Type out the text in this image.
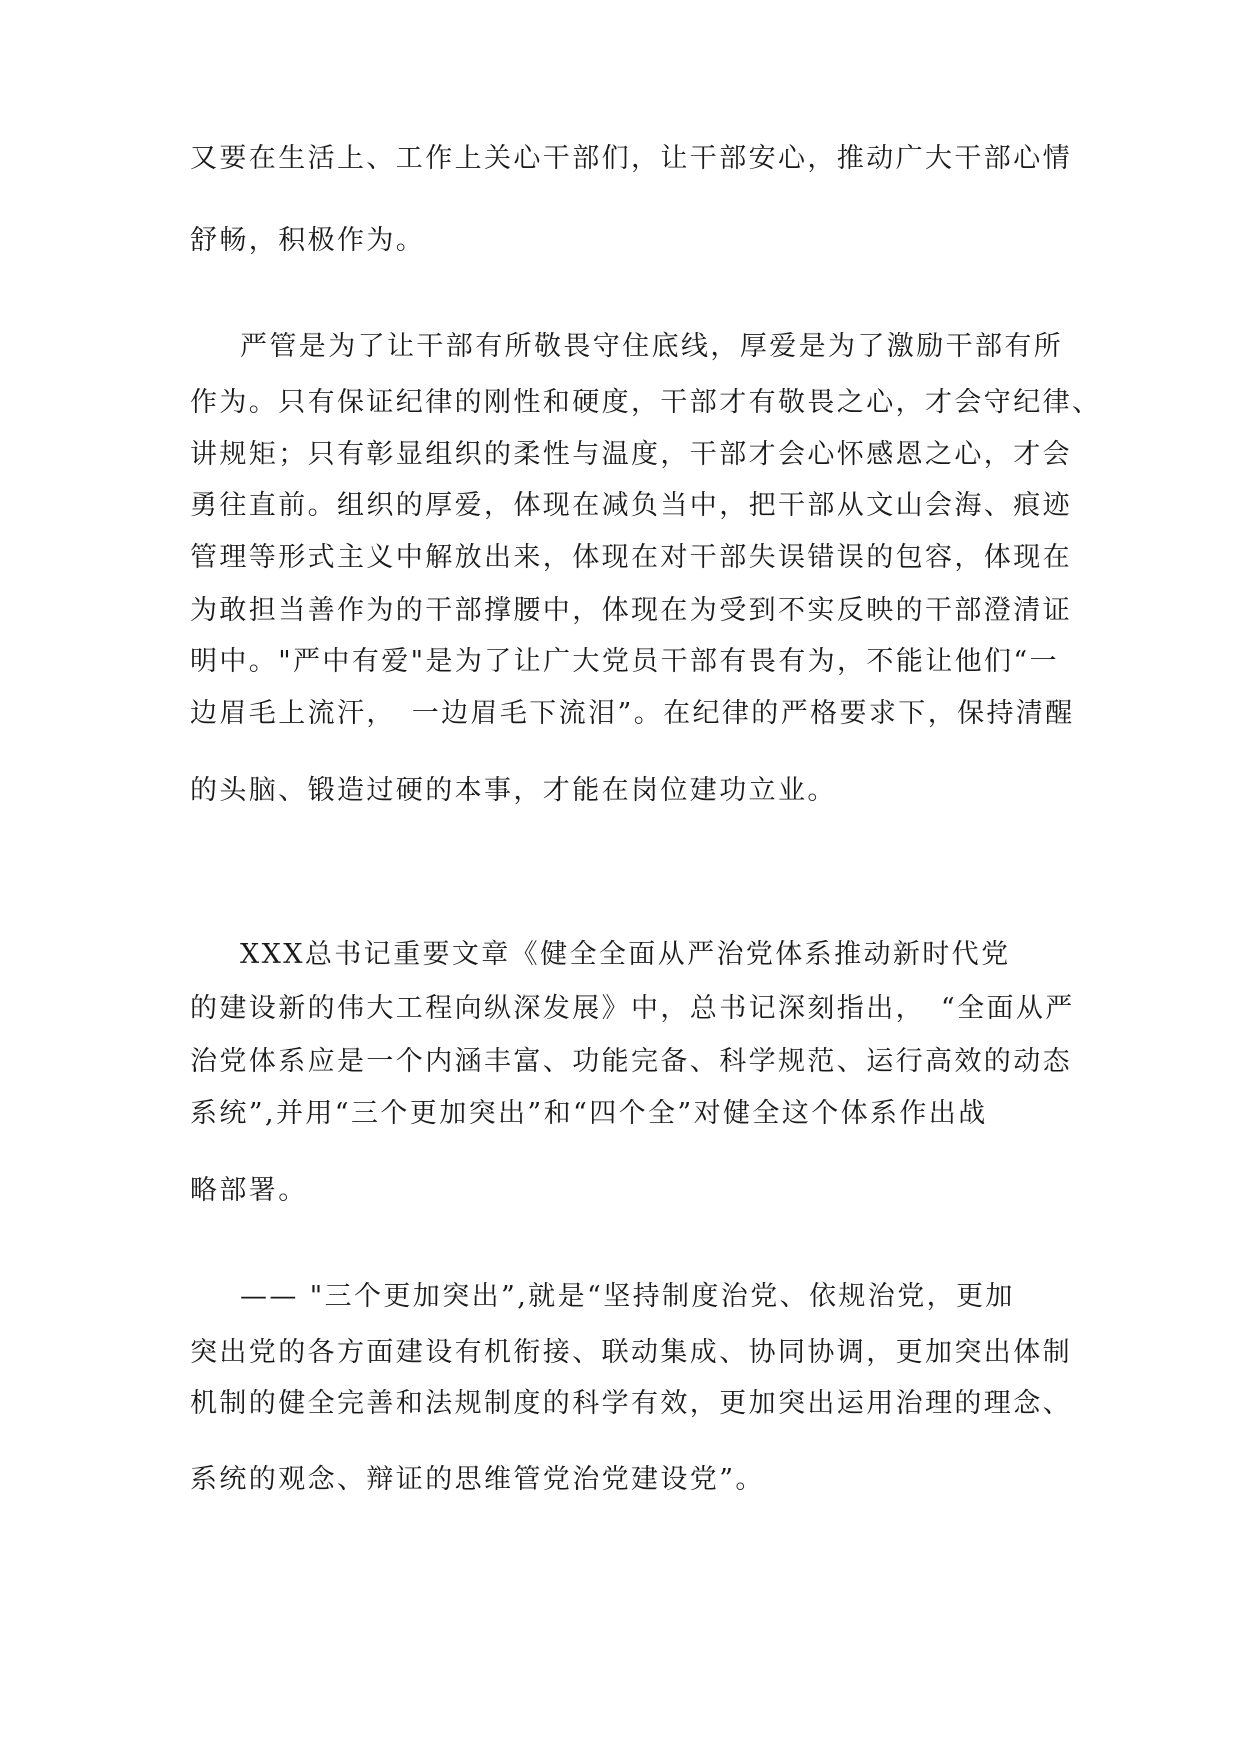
又要在生活上、工作上关心干部们，让干部安心，推动广大干部心情
舒畅，积极作为。
严管是为了让干部有所敬畏守住底线，厚爱是为了激励干部有所
作为。只有保证纪律的刚性和硬度，干部才有敬畏之心，才会守纪律、
讲规矩；只有彰显组织的柔性与温度，干部才会心怀感恩之心，才会
勇往直前。组织的厚爱，体现在减负当中，把干部从文山会海、痕迹
管理等形式主义中解放出来，体现在对干部失误错误的包容，体现在
为敢担当善作为的干部撑腰中，体现在为受到不实反映的干部澄清证
明中。"严中有爱"是为了让广大党员干部有畏有为，不能让他们“一
边眉毛上流汗，　一边眉毛下流泪”。在纪律的严格要求下，保持清醒
的头脑、锻造过硬的本事，才能在岗位建功立业。
XXX总书记重要文章《健全全面从严治党体系推动新时代党
的建设新的伟大工程向纵深发展》中，总书记深刻指出，　“全面从严
治党体系应是一个内涵丰富、功能完备、科学规范、运行高效的动态
系统”,并用“三个更加突出”和“四个全”对健全这个体系作出战
略部署。
—— "三个更加突出”,就是“坚持制度治党、依规治党，更加
突出党的各方面建设有机衔接、联动集成、协同协调，更加突出体制
机制的健全完善和法规制度的科学有效，更加突出运用治理的理念、
系统的观念、辩证的思维管党治党建设党”。
